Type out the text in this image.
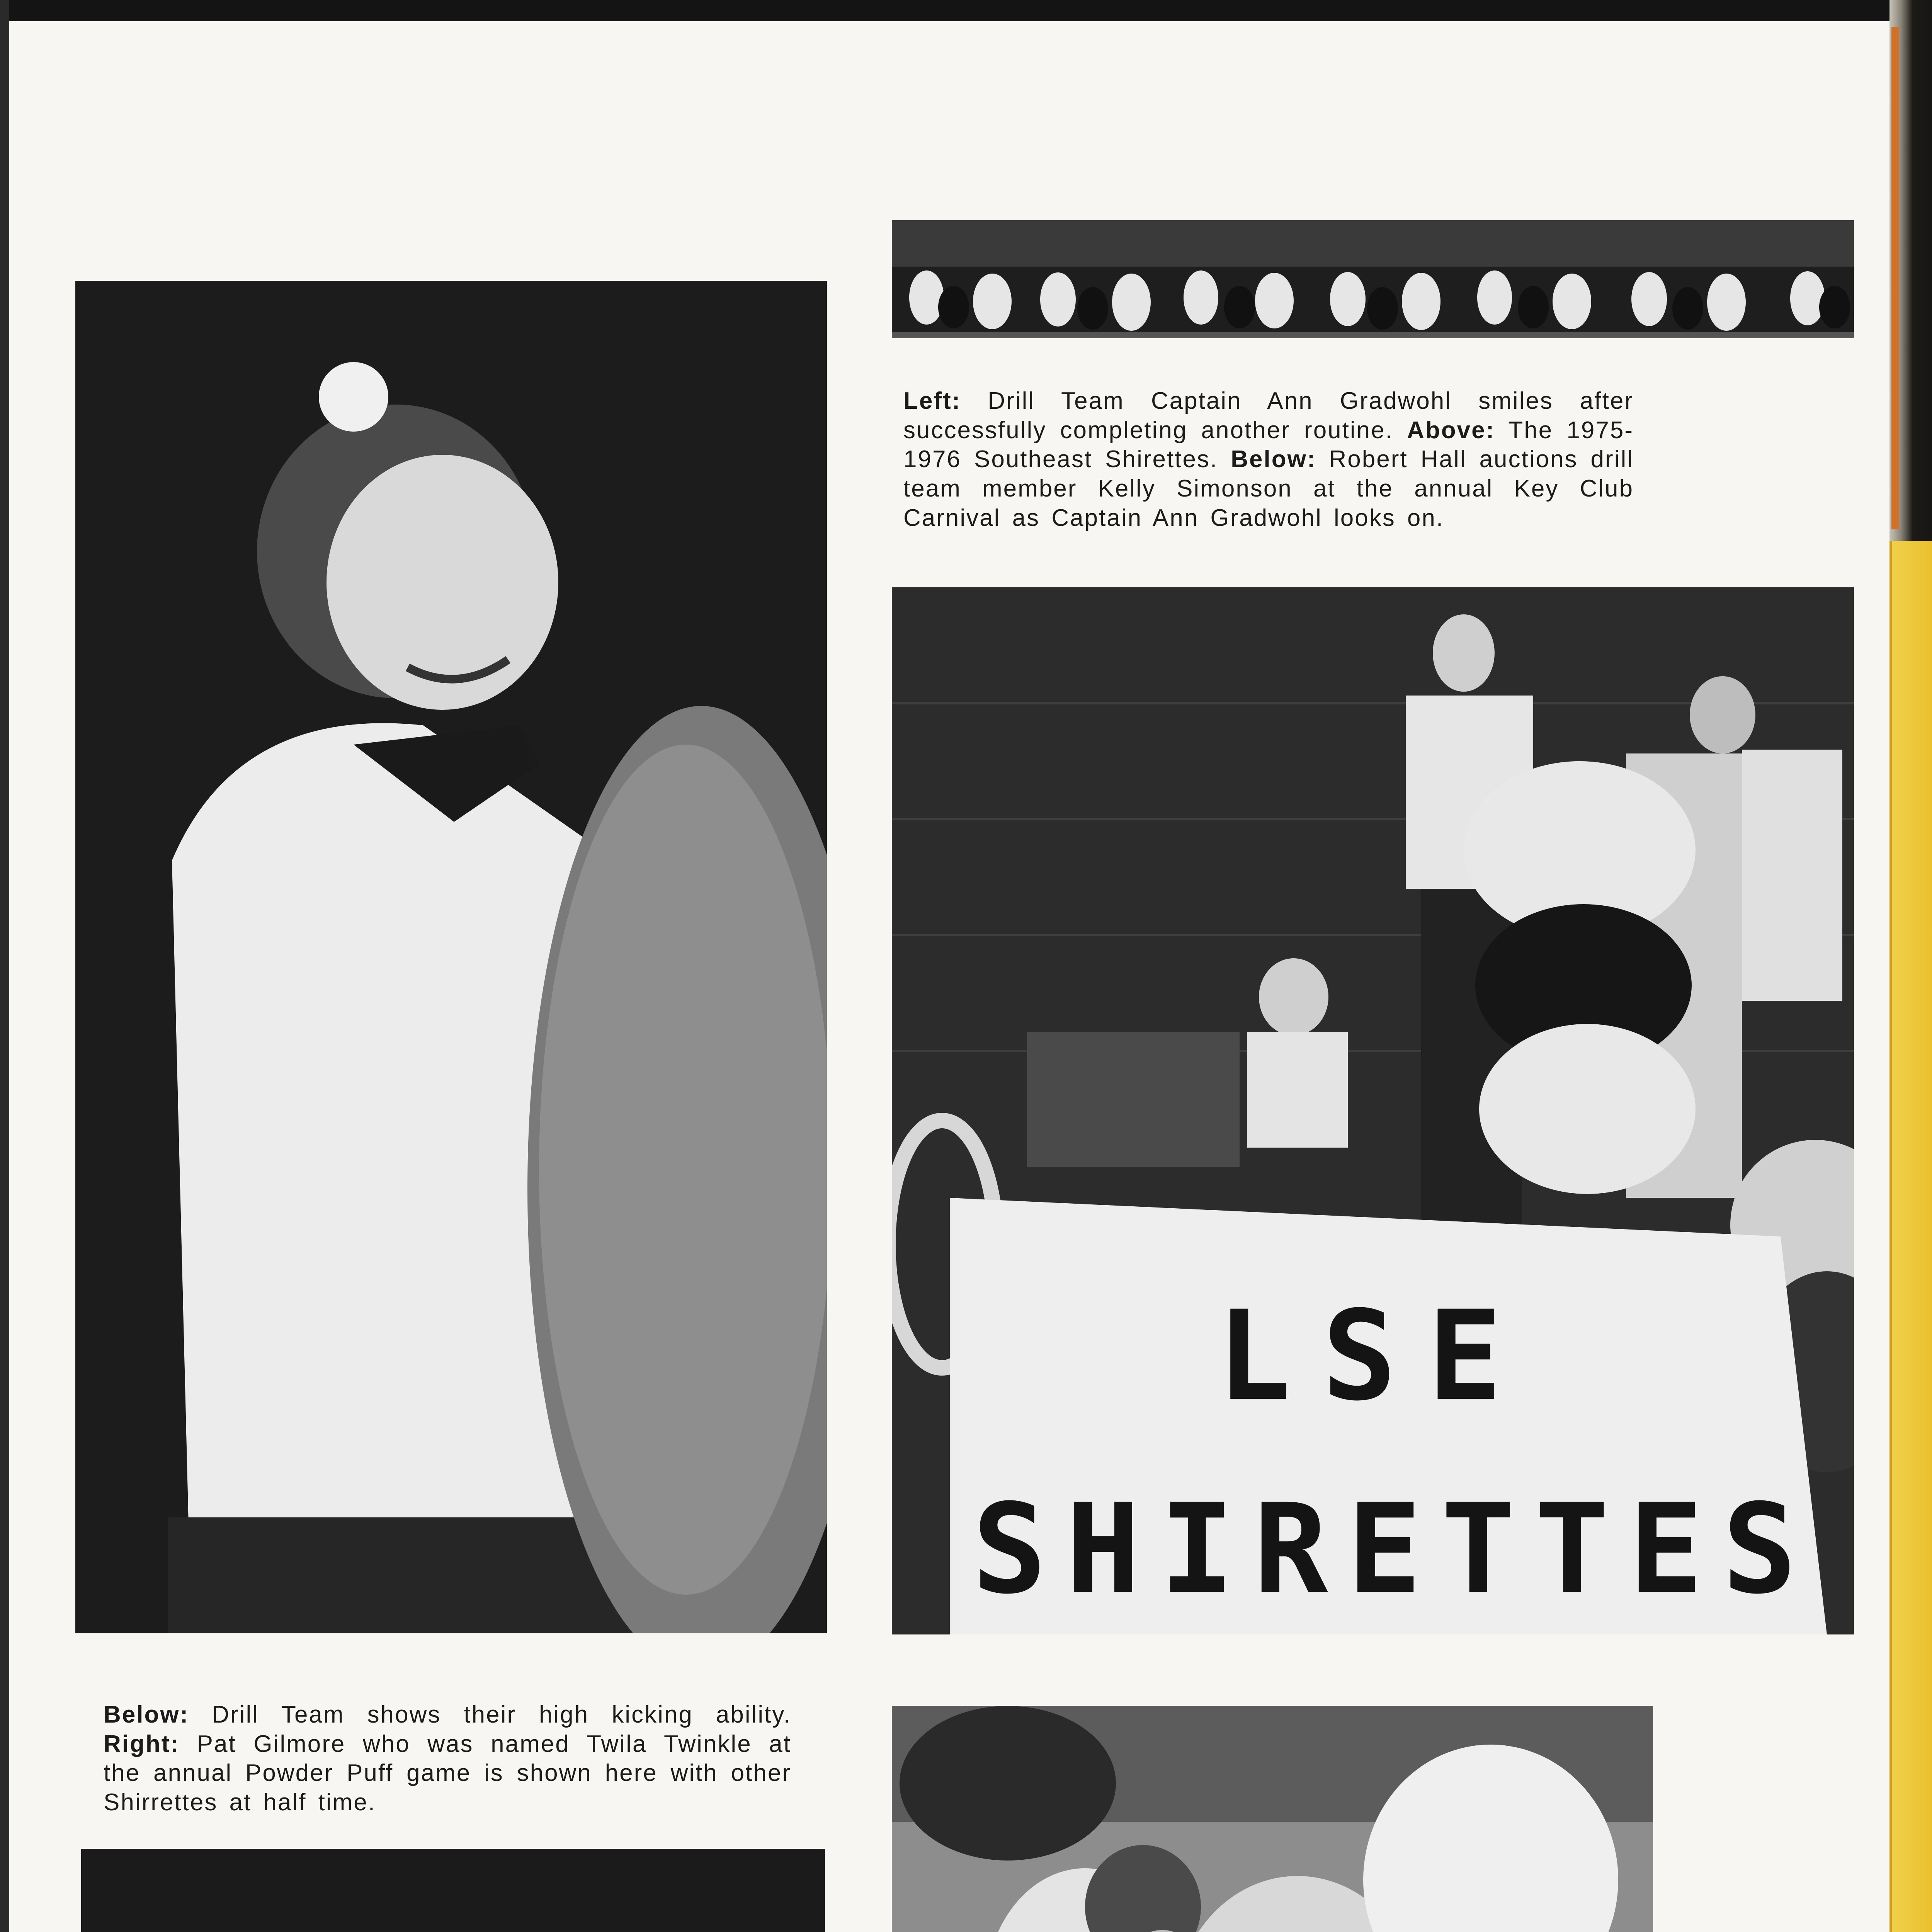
Left: Drill Team Captain Ann Gradwohl smiles after successfully completing another routine. Above: The 1975-1976 Southeast Shirettes. Below: Robert Hall auctions drill team member Kelly Simonson at the annual Key Club Carnival as Captain Ann Gradwohl looks on.
LSE
SHIRETTES
Below: Drill Team shows their high kicking ability. Right: Pat Gilmore who was named Twila Twinkle at the annual Powder Puff game is shown here with other Shirrettes at half time.
